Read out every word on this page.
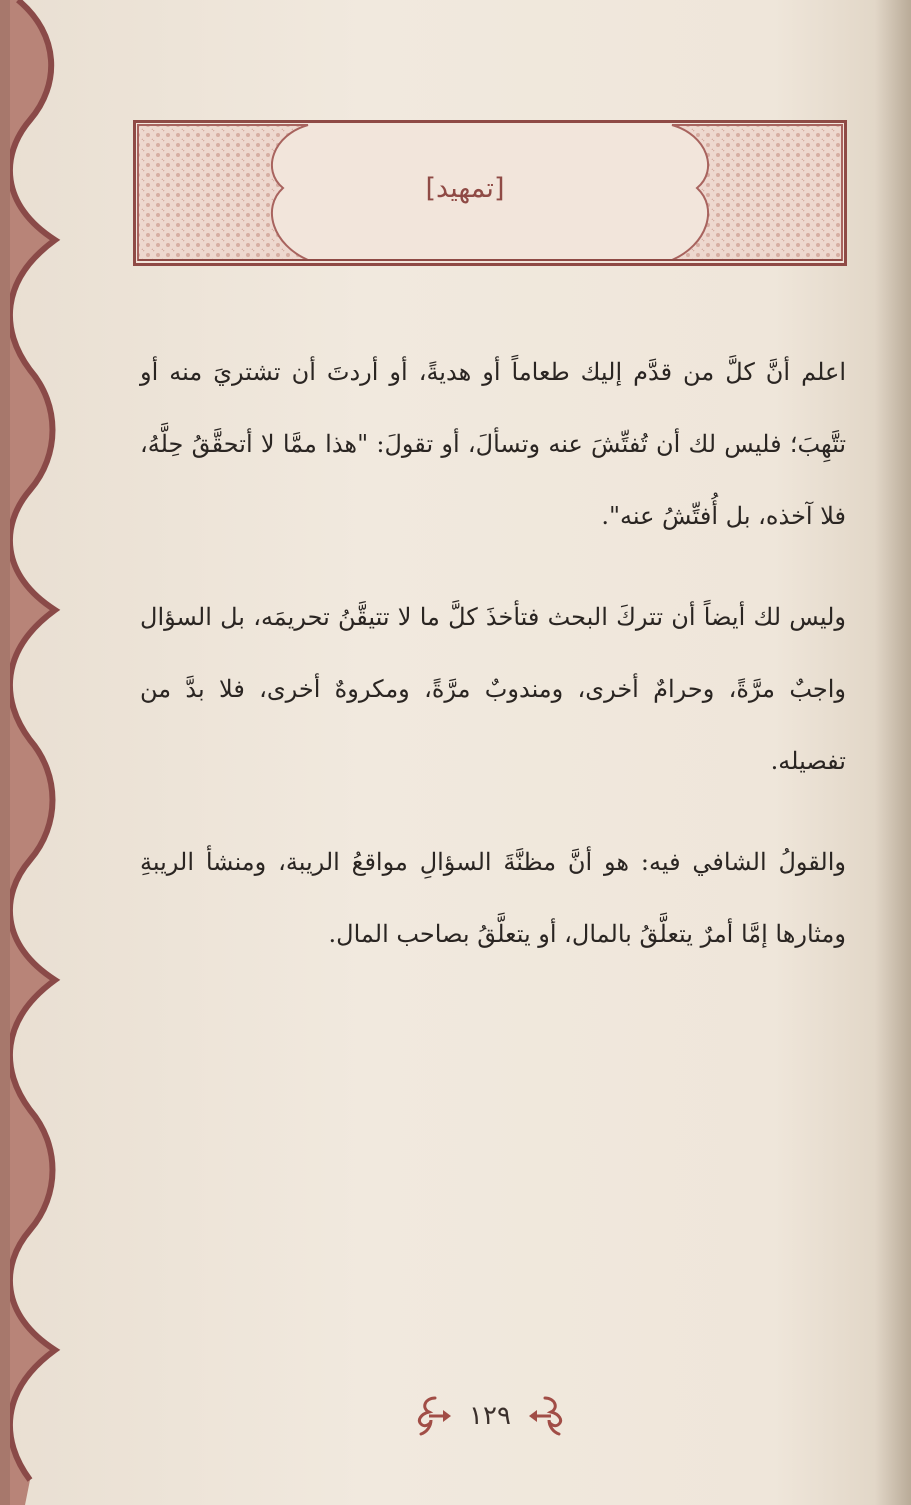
[تمهيد]

اعلم أنَّ كلَّ من قدَّم إليك طعاماً أو هديةً، أو أردتَ أن تشتريَ منه أو تتَّهِبَ؛ فليس لك أن تُفتِّشَ عنه وتسألَ، أو تقولَ: "هذا ممَّا لا أتحقَّقُ حِلَّهُ، فلا آخذه، بل أُفتِّشُ عنه".

وليس لك أيضاً أن تتركَ البحث فتأخذَ كلَّ ما لا تتيقَّنُ تحريمَه، بل السؤال واجبٌ مرَّةً، وحرامٌ أخرى، ومندوبٌ مرَّةً، ومكروهٌ أخرى، فلا بدَّ من تفصيله.

والقولُ الشافي فيه: هو أنَّ مظنَّةَ السؤالِ مواقعُ الريبة، ومنشأ الريبةِ ومثارها إمَّا أمرٌ يتعلَّقُ بالمال، أو يتعلَّقُ بصاحب المال.

١٢٩
